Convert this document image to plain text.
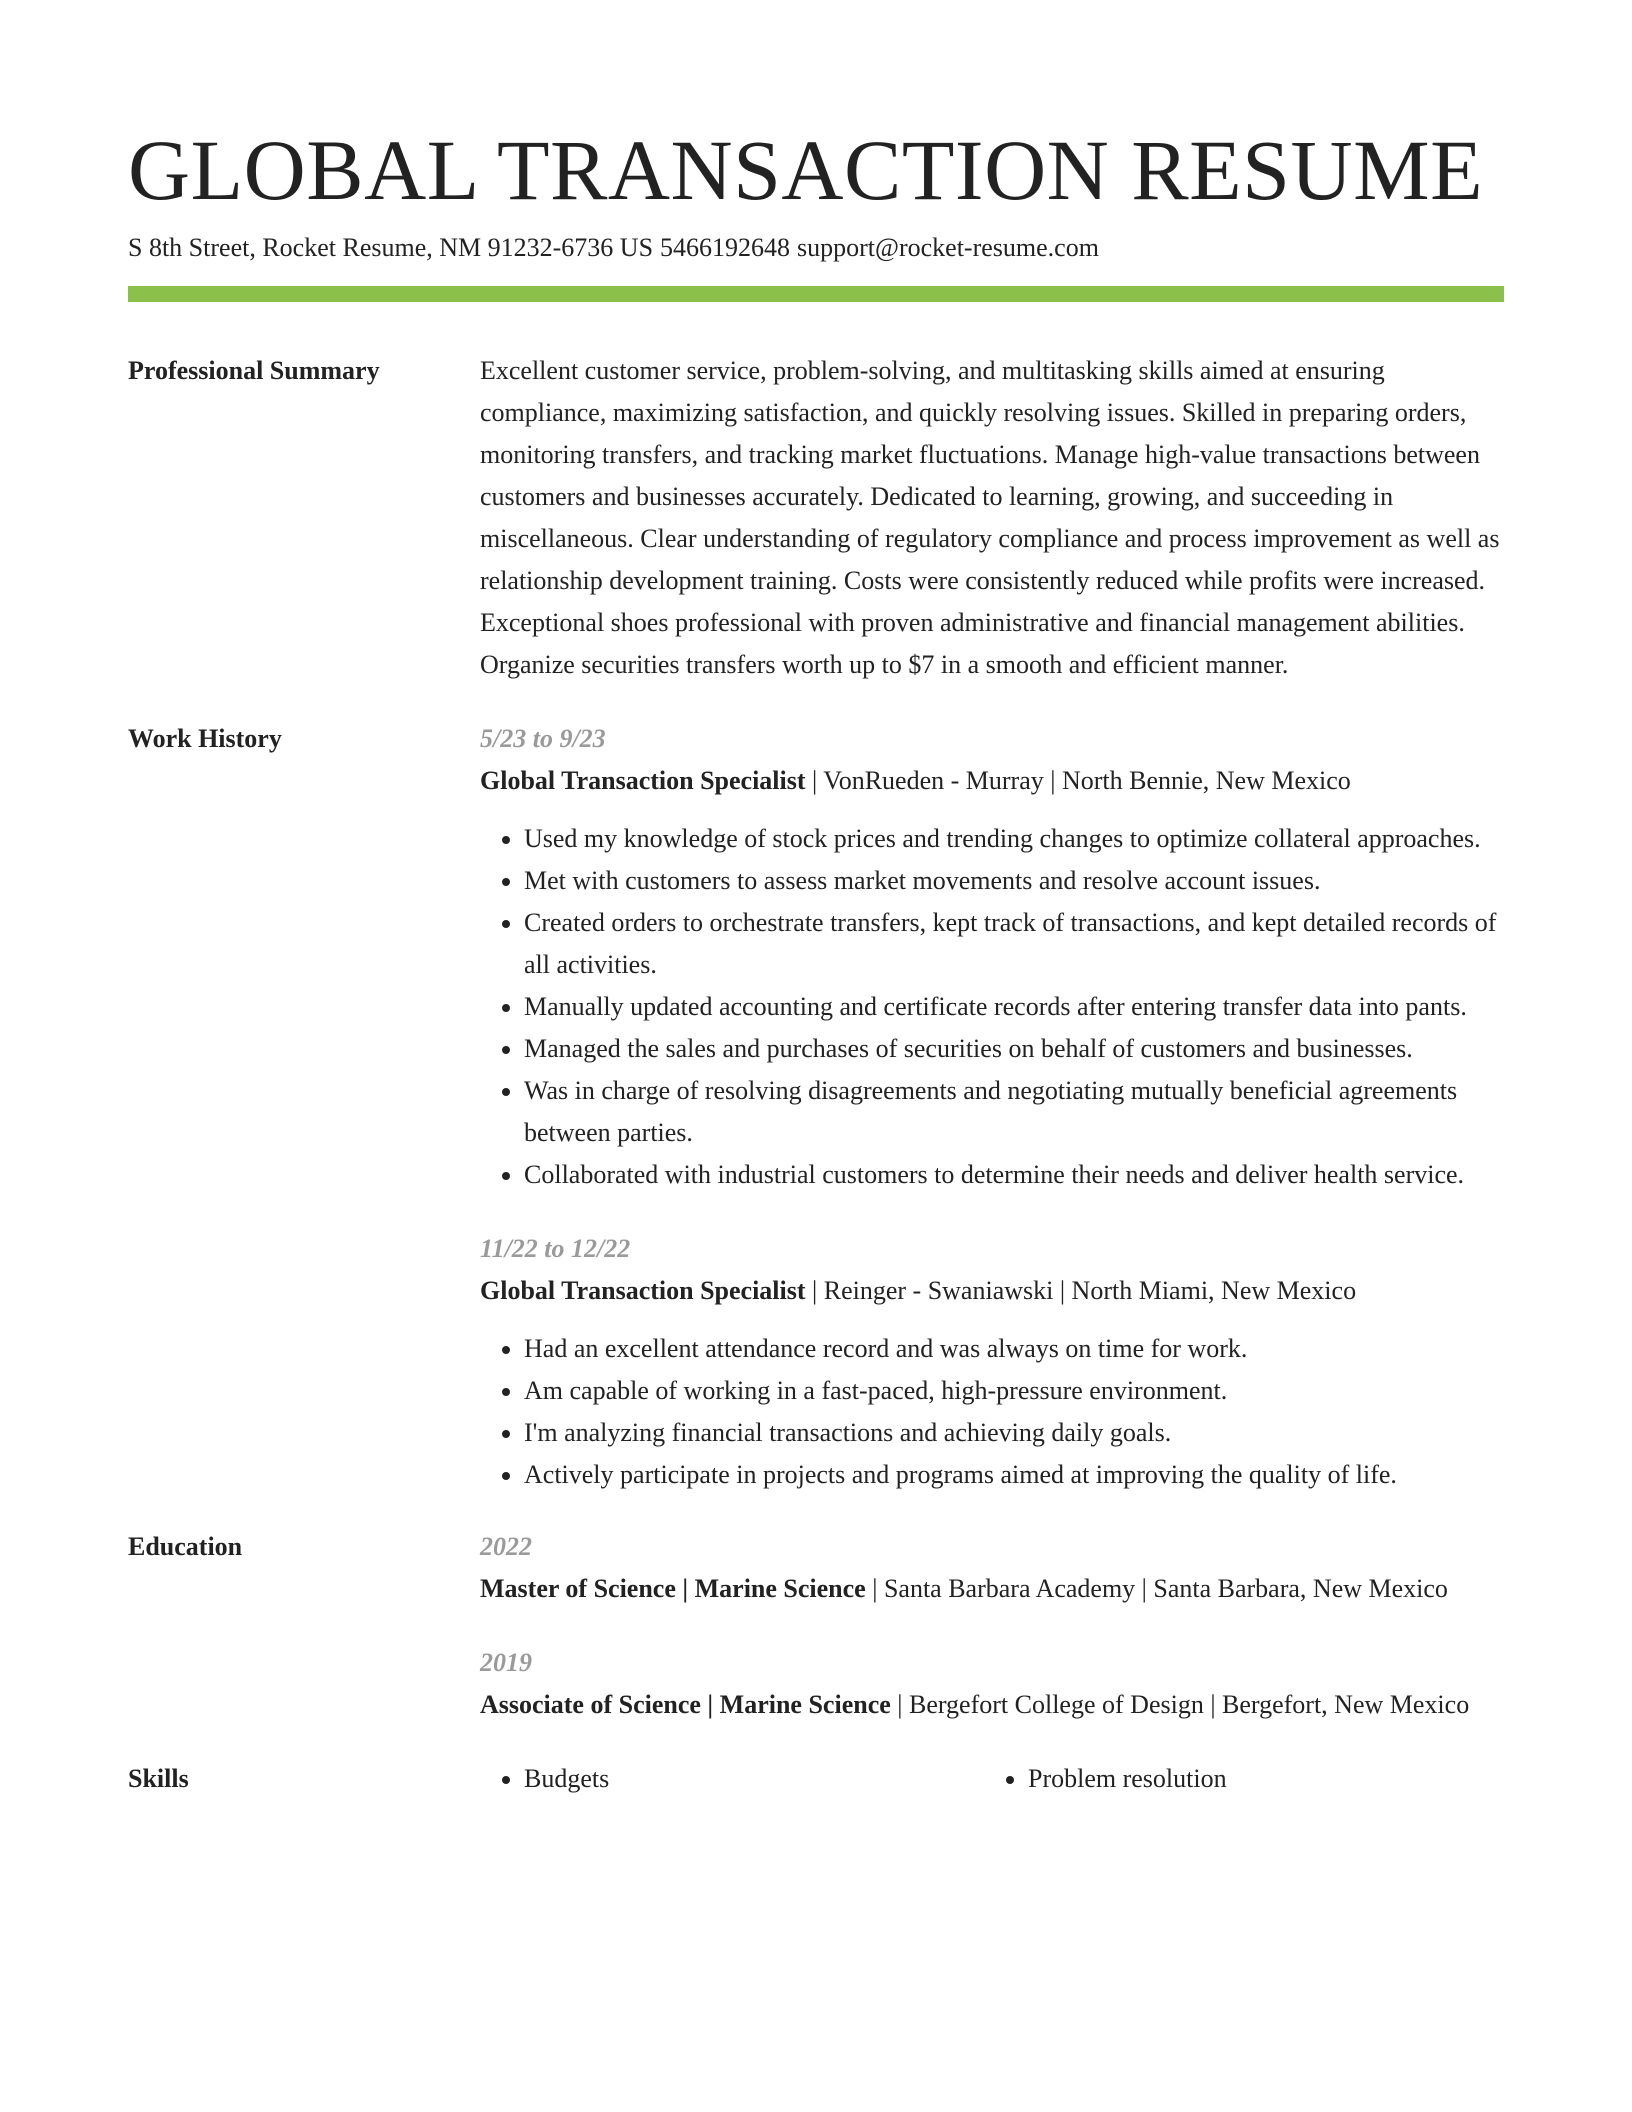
GLOBAL TRANSACTION RESUME
S 8th Street, Rocket Resume, NM 91232-6736 US 5466192648 support@rocket-resume.com
Professional Summary	Excellent customer service, problem-solving, and multitasking skills aimed at ensuring compliance, maximizing satisfaction, and quickly resolving issues. Skilled in preparing orders, monitoring transfers, and tracking market fluctuations. Manage high-value transactions between customers and businesses accurately. Dedicated to learning, growing, and succeeding in miscellaneous. Clear understanding of regulatory compliance and process improvement as well as relationship development training. Costs were consistently reduced while profits were increased. Exceptional shoes professional with proven administrative and financial management abilities. Organize securities transfers worth up to $7 in a smooth and efficient manner.

Work History	5/23 to 9/23
Global Transaction Specialist | VonRueden - Murray | North Bennie, New Mexico
• Used my knowledge of stock prices and trending changes to optimize collateral approaches.
• Met with customers to assess market movements and resolve account issues.
• Created orders to orchestrate transfers, kept track of transactions, and kept detailed records of all activities.
• Manually updated accounting and certificate records after entering transfer data into pants.
• Managed the sales and purchases of securities on behalf of customers and businesses.
• Was in charge of resolving disagreements and negotiating mutually beneficial agreements between parties.
• Collaborated with industrial customers to determine their needs and deliver health service.
11/22 to 12/22
Global Transaction Specialist | Reinger - Swaniawski | North Miami, New Mexico
• Had an excellent attendance record and was always on time for work.
• Am capable of working in a fast-paced, high-pressure environment.
• I'm analyzing financial transactions and achieving daily goals.
• Actively participate in projects and programs aimed at improving the quality of life.
Education	2022
Master of Science | Marine Science | Santa Barbara Academy | Santa Barbara, New Mexico
2019
Associate of Science | Marine Science | Bergefort College of Design | Bergefort, New Mexico
Skills	• Budgets	• Problem resolution
